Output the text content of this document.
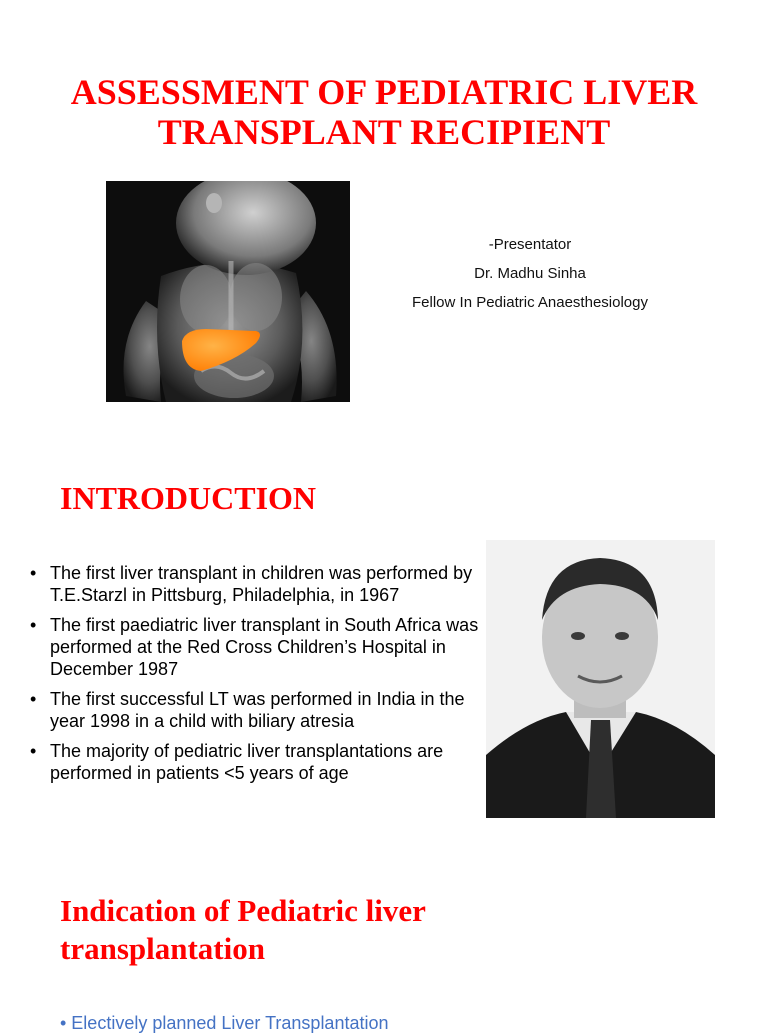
ASSESSMENT OF PEDIATRIC LIVER TRANSPLANT RECIPIENT
-Presentator
Dr. Madhu Sinha
Fellow In Pediatric Anaesthesiology
INTRODUCTION
• The first liver transplant in children was performed by T.E.Starzl in Pittsburg, Philadelphia, in 1967
• The first paediatric liver transplant in South Africa was performed at the Red Cross Children’s Hospital in December 1987
• The first successful LT was performed in India in the year 1998 in a child with biliary atresia
• The majority of pediatric liver transplantations are performed in patients <5 years of age
Indication of Pediatric liver transplantation
• Electively planned Liver Transplantation
